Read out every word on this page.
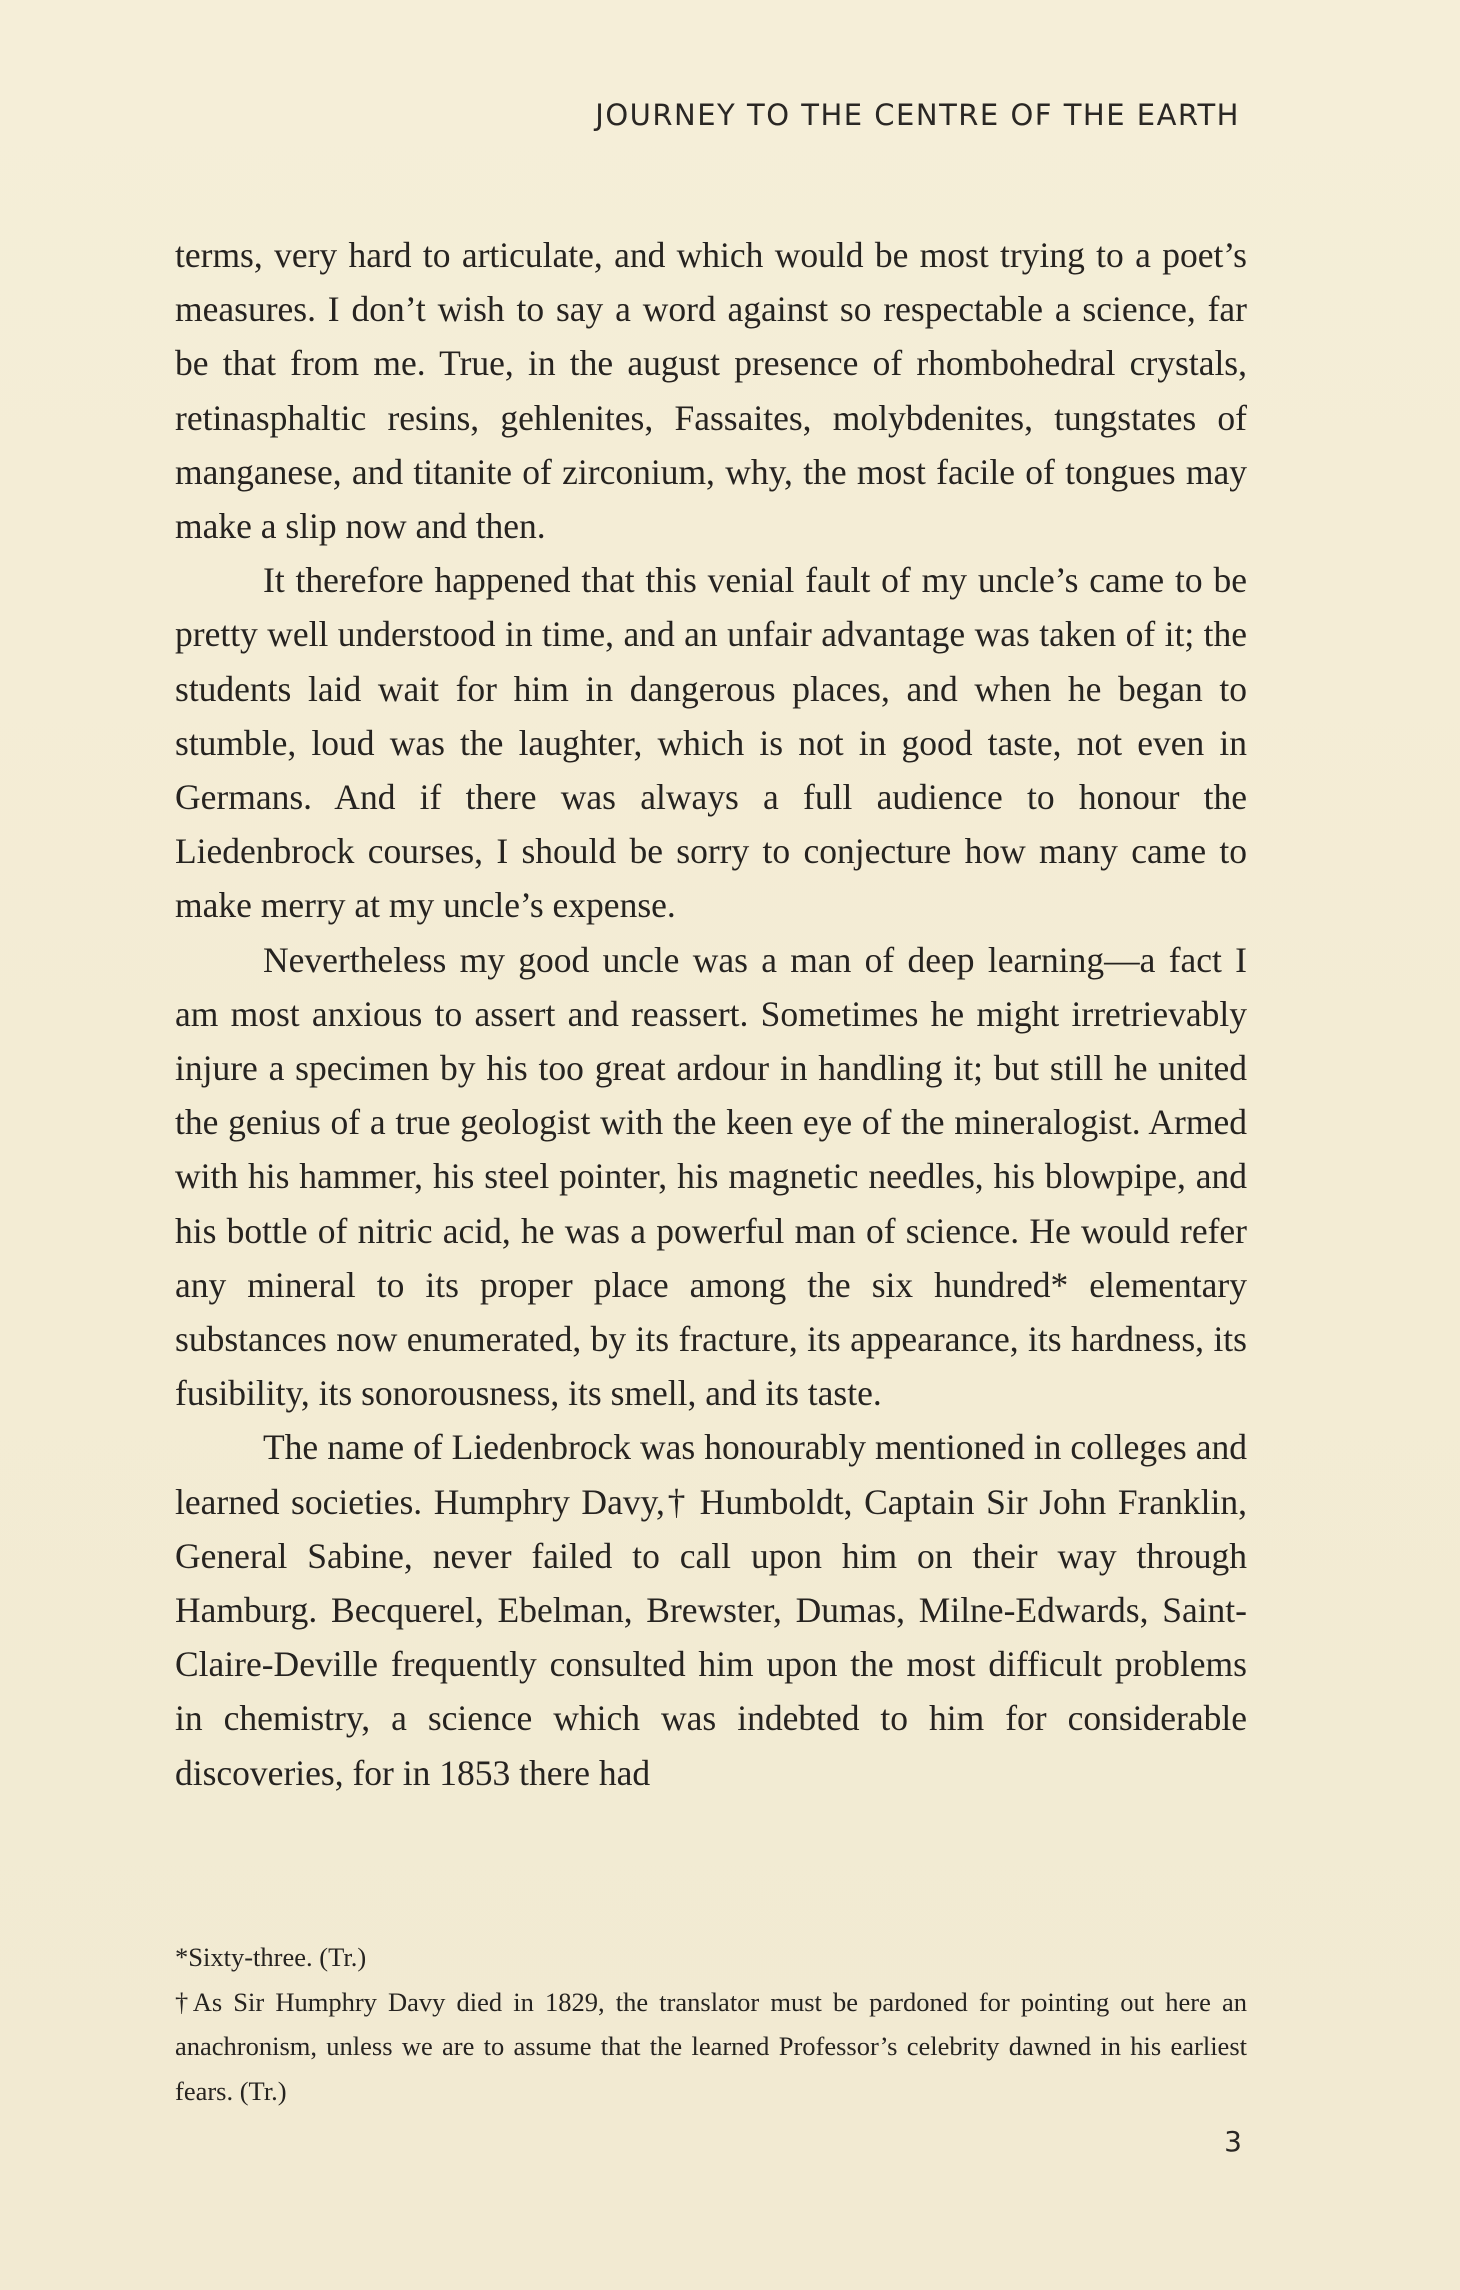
JOURNEY TO THE CENTRE OF THE EARTH

terms, very hard to articulate, and which would be most trying to a poet’s measures. I don’t wish to say a word against so respectable a science, far be that from me. True, in the august presence of rhombohedral crystals, retinasphaltic resins, gehlenites, Fassaites, molybdenites, tungstates of manganese, and titanite of zirconium, why, the most facile of tongues may make a slip now and then.

It therefore happened that this venial fault of my uncle’s came to be pretty well understood in time, and an unfair advantage was taken of it; the students laid wait for him in dangerous places, and when he began to stumble, loud was the laughter, which is not in good taste, not even in Germans. And if there was always a full audience to honour the Liedenbrock courses, I should be sorry to conjecture how many came to make merry at my uncle’s expense.

Nevertheless my good uncle was a man of deep learning—a fact I am most anxious to assert and reassert. Sometimes he might irretrievably injure a specimen by his too great ardour in handling it; but still he united the genius of a true geologist with the keen eye of the mineralogist. Armed with his hammer, his steel pointer, his magnetic needles, his blowpipe, and his bottle of nitric acid, he was a powerful man of science. He would refer any mineral to its proper place among the six hundred* elementary substances now enumerated, by its fracture, its appearance, its hardness, its fusibility, its sonorousness, its smell, and its taste.

The name of Liedenbrock was honourably mentioned in colleges and learned societies. Humphry Davy,† Humboldt, Captain Sir John Franklin, General Sabine, never failed to call upon him on their way through Hamburg. Becquerel, Ebelman, Brewster, Dumas, Milne-Edwards, Saint-Claire-Deville frequently consulted him upon the most difficult problems in chemistry, a science which was indebted to him for considerable discoveries, for in 1853 there had

*Sixty-three. (Tr.)

†As Sir Humphry Davy died in 1829, the translator must be pardoned for pointing out here an anachronism, unless we are to assume that the learned Professor’s celebrity dawned in his earliest fears. (Tr.)

3
